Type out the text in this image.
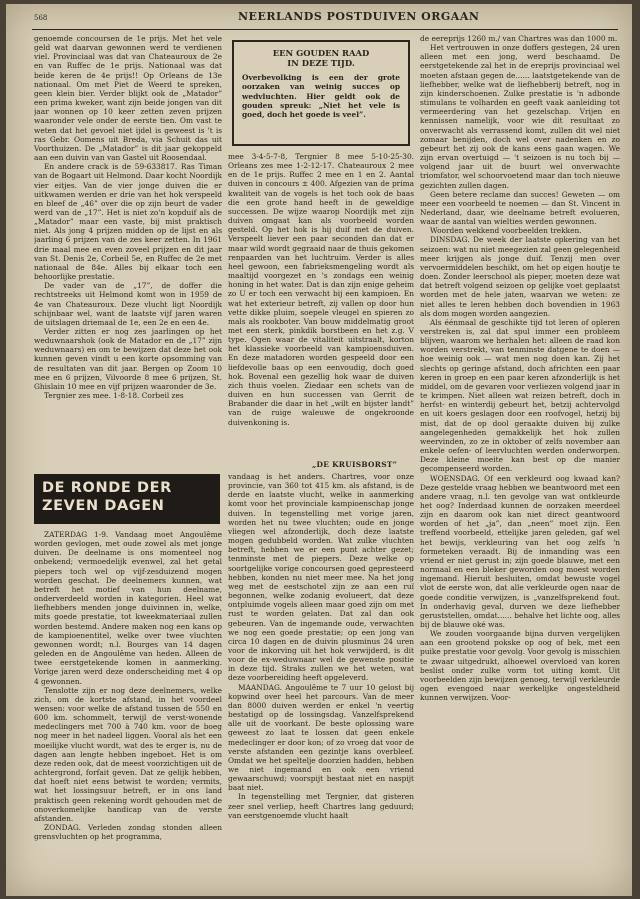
568	NEERLANDS POSTDUIVEN ORGAAN

genoemde concoursen de 1e prijs. Met het vele geld wat daarvan gewonnen werd te verdienen viel. Provinciaal was dat van Chateauroux de 2e en van Ruffec de 1e prijs. Nationaal was dat beide keren de 4e prijs!! Op Orleans de 13e nationaal. Om met Piet de Weerd te spreken, geen klein bier. Verder blijkt ook de „Matador” een prima kweker, want zijn beide jongen van dit jaar wonnen op 10 keer zetten zeven prijzen waaronder vele onder de eerste tien. Om vast te weten dat het gevoel niet ijdel is geweest is 't is ras Gebr. Oomens uit Breda, via Schuit das uit Voorthuizen. De „Matador” is dit jaar gekoppeld aan een duivin van van Gastel uit Roosendaal.

En andere crack is de 59-633817. Ras Timan van de Bogaart uit Helmond. Daar kocht Noordijk vier eitjes. Van de vier jonge duiven die er uitkwamen werden er drie van het hok verspeeld en bleef de „46” over die op zijn beurt de vader werd van de „17”. Het is niet zo'n kopduif als de „Matador” maar een vaste, bij mist praktisch niet. Als jong 4 prijzen midden op de lijst en als jaarling 6 prijzen van de zes keer zetten. In 1961 drie maal mee en even zoveel prijzen en dit jaar van St. Denis 2e, Corbeil 5e, en Ruffec de 2e met nationaal de 84e. Alles bij elkaar toch een behoorlijke prestatie.

De vader van de „17”, de doffer die rechtstreeks uit Helmond komt won in 1959 de 4e van Chateauroux. Deze vlucht ligt Noordijk schijnbaar wel, want de laatste vijf jaren waren de uitslagen driemaal de 1e, een 2e en een 4e.

Verder zitten er nog zes jaarlingen op het weduwnaarshok (ook de Matador en de „17” zijn weduwnaars) en om te bewijzen dat deze het ook kunnen geven vindt u een korte opsomming van de resultaten van dit jaar. Bergen op Zoom 10 mee en 6 prijzen, Vilvoorde 8 mee 6 prijzen, St. Ghislain 10 mee en vijf prijzen waaronder de 3e.

Tergnier zes mee. 1-8-18. Corbeil zes

EEN GOUDEN RAAD
IN DEZE TIJD.
Overbevolking is een der grote oorzaken van weinig succes op wedvluchten. Hier geldt ook de gouden spreuk: „Niet het vele is goed, doch het goede is veel”.

mee 3-4-5-7-8, Tergnier 8 mee 5-10-25-30. Orleans zes mee 1-2-12-17. Chateauroux 2 mee en de 1e prijs. Ruffec 2 mee en 1 en 2. Aantal duiven in concours ± 400. Afgezien van de prima kwaliteit van de vogels is het toch ook de baas die een grote hand heeft in de geweldige successen. De wijze waarop Noordijk met zijn duiven omgaat kan als voorbeeld worden gesteld. Op het hok is hij duif met de duiven. Verspeelt liever een paar seconden dan dat er maar wild wordt gegraaid naar de thuis gekomen renpaarden van het luchtruim. Verder is alles heel gewoon, een fabrieksmengeling wordt als maaltijd voorgezet en 's zondags een weinig honing in het water. Dat is dan zijn enige geheim zo U er toch een verwacht bij een kampioen. En wat het exterieur betreft, zij vallen op door hun vette dikke pluim, soepele vleugel en spieren zo mals als rookboter. Van bouw middelmatig groot met een sterk, pinkdik borstbeen en het z.g. V type. Ogen waar de vitaliteit uitstraalt, korton het klassieke voorbeeld van kampioensduiven. En deze matadoren worden gespeeld door een liefdevolle baas op een eenvoudig, doch goed hok. Bovenal een gezellig hok waar de duiven zich thuis voelen. Ziedaar een schets van de duiven en hun successen van Gerrit de Brabander die daar in het „wilt en bijster landt” van de ruige waleuwe de ongekroonde duivenkoning is.

„DE KRUISBORST”
DE RONDE DER
ZEVEN DAGEN

ZATERDAG 1-9. Vandaag moet Angoulême worden gevlogen, met oude zowel als met jonge duiven. De deelname is ons momenteel nog onbekend; vermoedelijk evenwel, zal het getal piepers toch wel op vijf-zesduizend mogen worden geschat. De deelnemers kunnen, wat betreft het motief van hun deelname, onderverdeeld worden in kategorien. Heel wat liefhebbers menden jonge duivinnen in, welke, mits goede prestatie, tot kweekmateriaal zullen worden bestemd. Andere maken nog een kans op de kampioenentitel, welke over twee vluchten gewonnen wordt; n.l. Bourges van 14 dagen geleden en de Angoulême van heden. Alleen de twee eerstgetekende komen in aanmerking. Vorige jaren werd deze onderscheiding met 4 op 4 gewonnen.

Tenslotte zijn er nog deze deelnemers, welke zich, om de kortste afstand, in het voordeel wensen: voor welke de afstand tussen de 550 en 600 km. schommelt, terwijl de verst-wonende medeclingers met 700 à 740 km. voor de boeg nog meer in het nadeel liggen. Vooral als het een moeilijke vlucht wordt, wat des te erger is, nu de dagen aan lengte hebben ingeboet. Het is om deze reden ook, dat de meest voorzichtigen uit de achtergrond, forfait geven. Dat ze gelijk hebben, dat hoeft niet eens betwist te worden; vermits, wat het lossingsuur betreft, er in ons land praktisch geen rekening wordt gehouden met de onoverkomelijke handicap van de verste afstanden.

ZONDAG. Verleden zondag stonden alleen grensvluchten op het programma,

vandaag is het anders. Chartres, voor onze provincie, van 360 tot 415 km. als afstand, is de derde en laatste vlucht, welke in aanmerking komt voor het provinciale kampioenschap jonge duiven. In tegenstelling met vorige jaren, worden het nu twee vluchten; oude en jonge vliegen wel afzonderlijk, doch deze laatste mogen gedubbeld worden. Wat zulke vluchten betreft, hebben we er een punt achter gezet; tenminste met de piepers. Deze welke op soortgelijke vorige concoursen goed gepresteerd hebben, konden nu niet meer mee. Na het jong weg met de eestschotel zijn ze aan een ruï begonnen, welke zodanig evolueert, dat deze ontpluimde vogels alleen maar goed zijn om met rust te worden gelaten. Dat zal dan ook gebeuren. Van de ingemande oude, verwachten we nog een goede prestatie; op een jong van circa 10 dagen en de duivin plusminus 24 uren voor de inkorving uit het hok verwijderd, is dit voor de ex-weduwnaar wel de gewenste positie in deze tijd. Straks zullen we het weten, wat deze voorbereiding heeft opgeleverd.

MAANDAG. Angoulême te 7 uur 10 gelost bij kopwind over heel het parcours. Van de meer dan 8000 duiven werden er enkel 'n veertig bestatigd op de lossingsdag. Vanzelfsprekend alle uit de voorkant. De beste oplossing ware geweest zo laat te lossen dat geen enkele medeclinger er door kon; of zo vroeg dat voor de verste afstanden een gezintje kans overbleef. Omdat we het speltelje doorzien hadden, hebben we niet ingemand en ook een vriend gewaarschuwd; voorspijt bestaat niet en naspijt baat niet.

In tegenstelling met Tergnier, dat gisteren zeer snel verliep, heeft Chartres lang geduurd; van eerstgenoemde vlucht haalt

de eereprijs 1260 m./ van Chartres was dan 1000 m.

Het vertrouwen in onze doffers gestegen, 24 uren alleen met een jong, werd beschaamd. De eerstgetekende zal het in de ereprijs provinciaal wel moeten afstaan gegen de...... laatstgetekende van de liefhebber, welke wat de liefhebberij betreft, nog in zijn kinderschoenen. Zulke prestatie is 'n adbonde stimulans te volharden en geeft vaak aanleiding tot vermeerdering van het gezelschap. Vrijen en kennissen namelijk, voor wie dit resultaat zo onverwacht als verrassend komt, zullen dit wel niet zomaar benijden, doch wel over nadenken en zo gebeurt het zij ook de kans eens gaan wagen. We zijn ervan overtuigd — 't seizoen is nu toch bij — volgend jaar uit de buurt wel onverwachte triomfator, wel schoorvoetend maar dan toch nieuwe gezichten zullen dagen.

Geen betere reclame dan succes! Geweten — om meer een voorbeeld te noemen — dan St. Vincent in Nederland, daar, wie deelname betreft evolueren, waar de aantal van wielties werden gewonnen.

Woorden wekkend voorbeelden trekken.

DINSDAG. De week der laatste opkering van het seizoen: wat nu niet meegezien zal geen gelegenheid meer krijgen als jonge duif. Tenzij men over vervoermiddelen beschikt, om het op eigen houtje te doen. Zonder leerschool als pieper, moeten deze wat dat betreft volgend seizoen op gelijke voet geplaatst worden met de hele jaten, waarvan we weten: ze niet alles te leren hebben doch bovendien in 1963 als dom mogen worden aangezien.

Als éénmaal de geschikte tijd tot leren of opleren verstreken is, zal dat spul immer een probleem blijven, waarom we herhalen het: alleen de raad kon worden verstrekt, van tenminste datgene te doen — hoe weinig ook — wat men nog doen kan. Zij het slechts op geringe afstand, doch africhten een paar keren in groep en een paar keren afzonderlijk is het middel, om de gevaren voor verliezen volgend jaar in te krimpen. Niet alleen wat reizen betreft, doch in herfst- en winterdij gebeurt het, betzij achtervolgd en uit koers geslagen door een roofvogel, hetzij bij mist, dat de op dool geraakte duiven bij zulke aangelegenheden gemakkelijk het hok zullen weervinden, zo ze in oktober of zelfs november aan enkele oefen- of leervluchten werden onderworpen. Deze kleine moeite kan best op die manier gecompenseerd worden.

WOENSDAG. Of een verkleurd oog kwaad kan? Deze gestelde vraag hebben we beantwoord met een andere vraag, n.l. ten gevolge van wat ontkleurde het oog? Inderdaad kunnen de oorzaken meerdeel zijn en daarom ook kan niet direct geantwoord worden of het „ja”, dan „neen” moet zijn. Een treffend voorbeeld, ettelijke jaren geleden, gaf wel het bewijs, verkleuring van het oog zelfs 'n formeteken veraadt. Bij de inmanding was een vriend er niet gerust in; zijn goede blauwe, met een normaal en een bleker geworden oog moest worden ingemand. Hieruit besluiten, omdat bewuste vogel vlot de eerste won, dat alle verkleurde ogen naar de goede conditie verwijzen, is „vanzelfsprekend fout. In onderhavig geval, durven we deze liefhebber geruststellen, omdat...... behalve het lichte oog, alles bij de blauwe oké was.

We zouden voorgaande bijna durven vergelijken aan een grootend pokske op oog of bek, met een puike prestatie voor gevolg. Voor gevolg is misschien te zwaar uitgedrukt, alhoewel overvloed van koren beslist onder zulke vorm tot uiting komt. Uit voorbeelden zijn bewijzen genoeg, terwijl verkleurde ogen evengoed naar werkelijke ongesteldheid kunnen verwijzen. Voor-
